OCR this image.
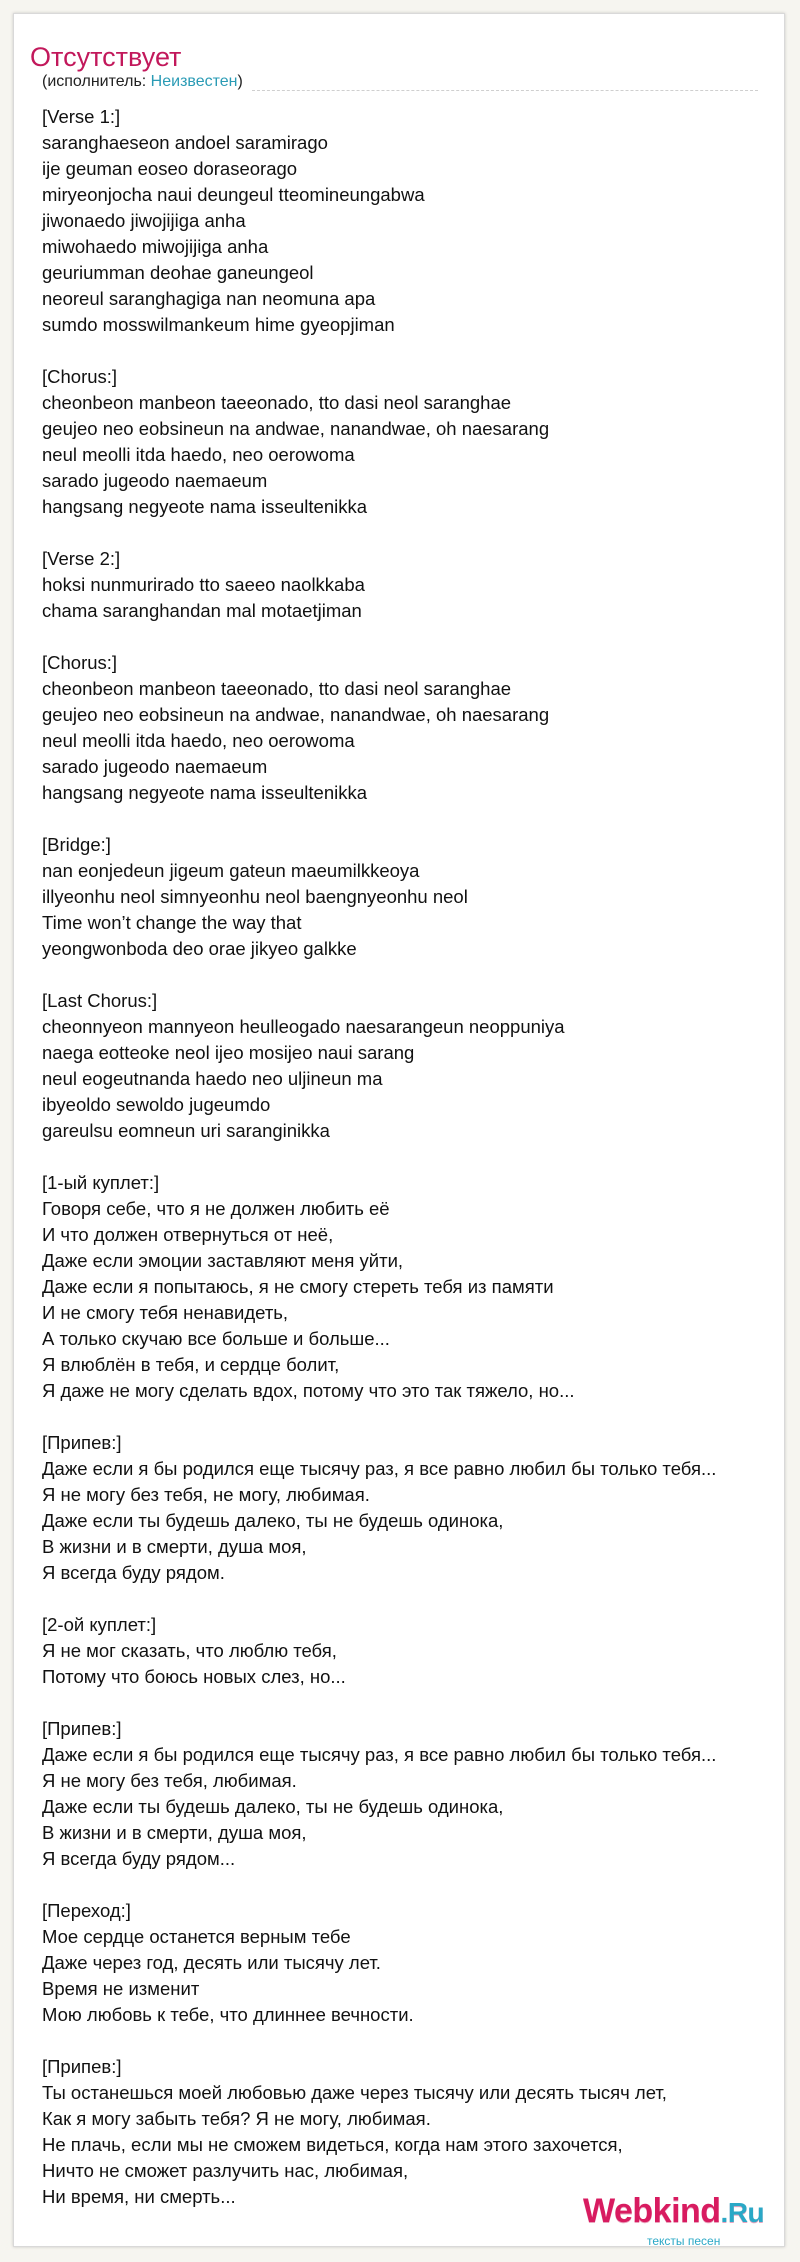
Отсутствует
(исполнитель: Неизвестен)
[Verse 1:]
saranghaeseon andoel saramirago
ije geuman eoseo doraseorago
miryeonjocha naui deungeul tteomineungabwa
jiwonaedo jiwojijiga anha
miwohaedo miwojijiga anha
geuriumman deohae ganeungeol
neoreul saranghagiga nan neomuna apa
sumdo mosswilmankeum hime gyeopjiman
[Chorus:]
cheonbeon manbeon taeeonado, tto dasi neol saranghae
geujeo neo eobsineun na andwae, nanandwae, oh naesarang
neul meolli itda haedo, neo oerowoma
sarado jugeodo naemaeum
hangsang negyeote nama isseultenikka
[Verse 2:]
hoksi nunmurirado tto saeeo naolkkaba
chama saranghandan mal motaetjiman
[Chorus:]
cheonbeon manbeon taeeonado, tto dasi neol saranghae
geujeo neo eobsineun na andwae, nanandwae, oh naesarang
neul meolli itda haedo, neo oerowoma
sarado jugeodo naemaeum
hangsang negyeote nama isseultenikka
[Bridge:]
nan eonjedeun jigeum gateun maeumilkkeoya
illyeonhu neol simnyeonhu neol baengnyeonhu neol
Time won’t change the way that
yeongwonboda deo orae jikyeo galkke
[Last Chorus:]
cheonnyeon mannyeon heulleogado naesarangeun neoppuniya
naega eotteoke neol ijeo mosijeo naui sarang
neul eogeutnanda haedo neo uljineun ma
ibyeoldo sewoldo jugeumdo
gareulsu eomneun uri saranginikka
[1-ый куплет:]
Говоря себе, что я не должен любить её
И что должен отвернуться от неё,
Даже если эмоции заставляют меня уйти,
Даже если я попытаюсь, я не смогу стереть тебя из памяти
И не смогу тебя ненавидеть,
А только скучаю все больше и больше...
Я влюблён в тебя, и сердце болит,
Я даже не могу сделать вдох, потому что это так тяжело, но...
[Припев:]
Даже если я бы родился еще тысячу раз, я все равно любил бы только тебя...
Я не могу без тебя, не могу, любимая.
Даже если ты будешь далеко, ты не будешь одинока,
В жизни и в смерти, душа моя,
Я всегда буду рядом.
[2-ой куплет:]
Я не мог сказать, что люблю тебя,
Потому что боюсь новых слез, но...
[Припев:]
Даже если я бы родился еще тысячу раз, я все равно любил бы только тебя...
Я не могу без тебя, любимая.
Даже если ты будешь далеко, ты не будешь одинока,
В жизни и в смерти, душа моя,
Я всегда буду рядом...
[Переход:]
Мое сердце останется верным тебе
Даже через год, десять или тысячу лет.
Время не изменит
Мою любовь к тебе, что длиннее вечности.
[Припев:]
Ты останешься моей любовью даже через тысячу или десять тысяч лет,
Как я могу забыть тебя? Я не могу, любимая.
Не плачь, если мы не сможем видеться, когда нам этого захочется,
Ничто не сможет разлучить нас, любимая,
Ни время, ни смерть...	Webkind.Ru
тексты песен
